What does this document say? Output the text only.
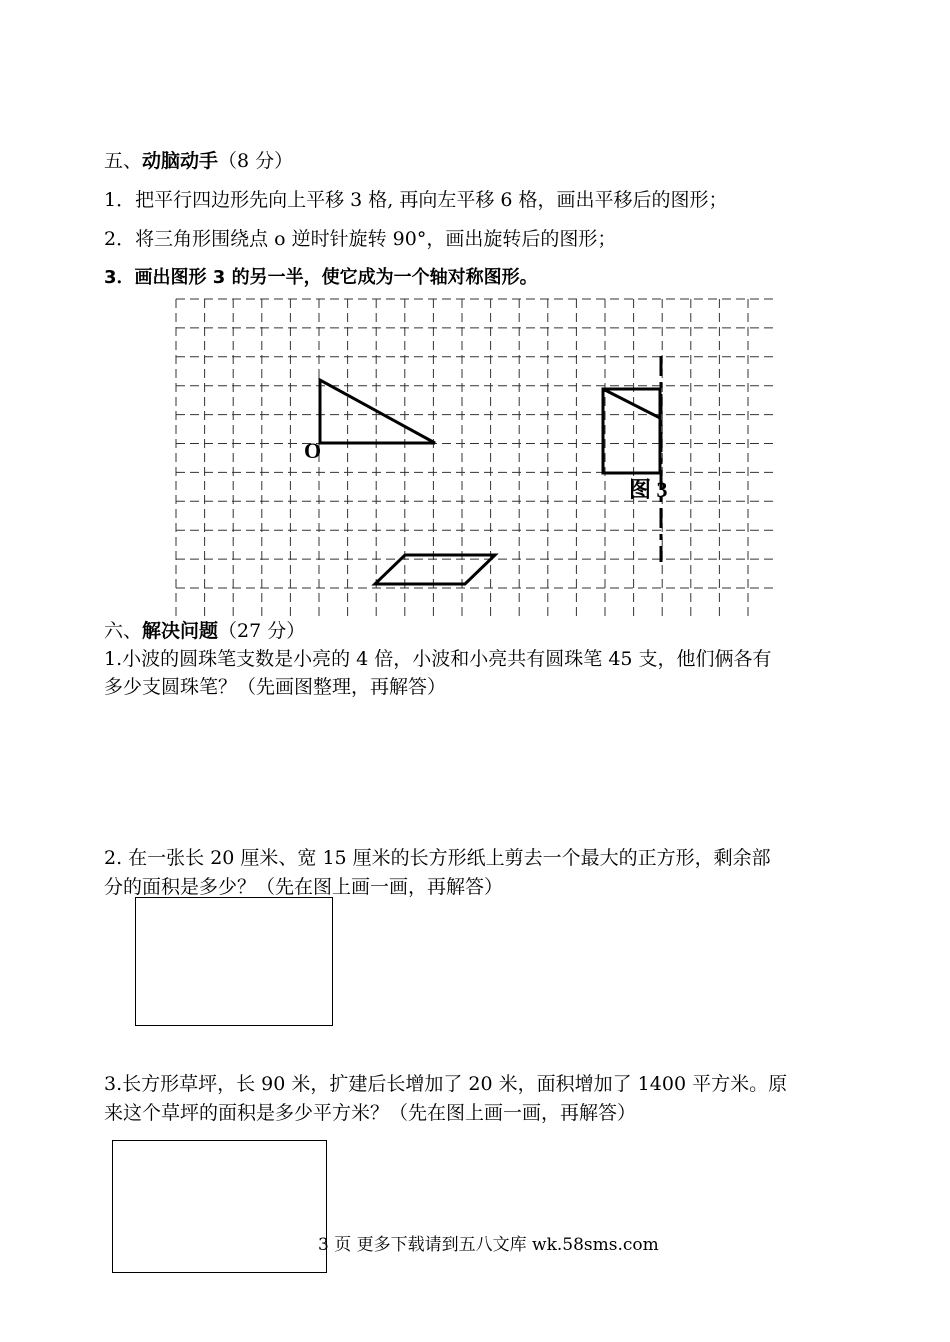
五、动脑动手（8 分）
1．把平行四边形先向上平移 3 格, 再向左平移 6 格，画出平移后的图形；
2．将三角形围绕点 o 逆时针旋转 90°，画出旋转后的图形；
3．画出图形 3 的另一半，使它成为一个轴对称图形。
O
图 3
六、解决问题（27 分）
1.小波的圆珠笔支数是小亮的 4 倍，小波和小亮共有圆珠笔 45 支，他们俩各有
多少支圆珠笔？（先画图整理，再解答）
2. 在一张长 20 厘米、宽 15 厘米的长方形纸上剪去一个最大的正方形，剩余部
分的面积是多少？（先在图上画一画，再解答）
3.长方形草坪，长 90 米，扩建后长增加了 20 米，面积增加了 1400 平方米。原
来这个草坪的面积是多少平方米？（先在图上画一画，再解答）
3 页 更多下载请到五八文库 wk.58sms.com
